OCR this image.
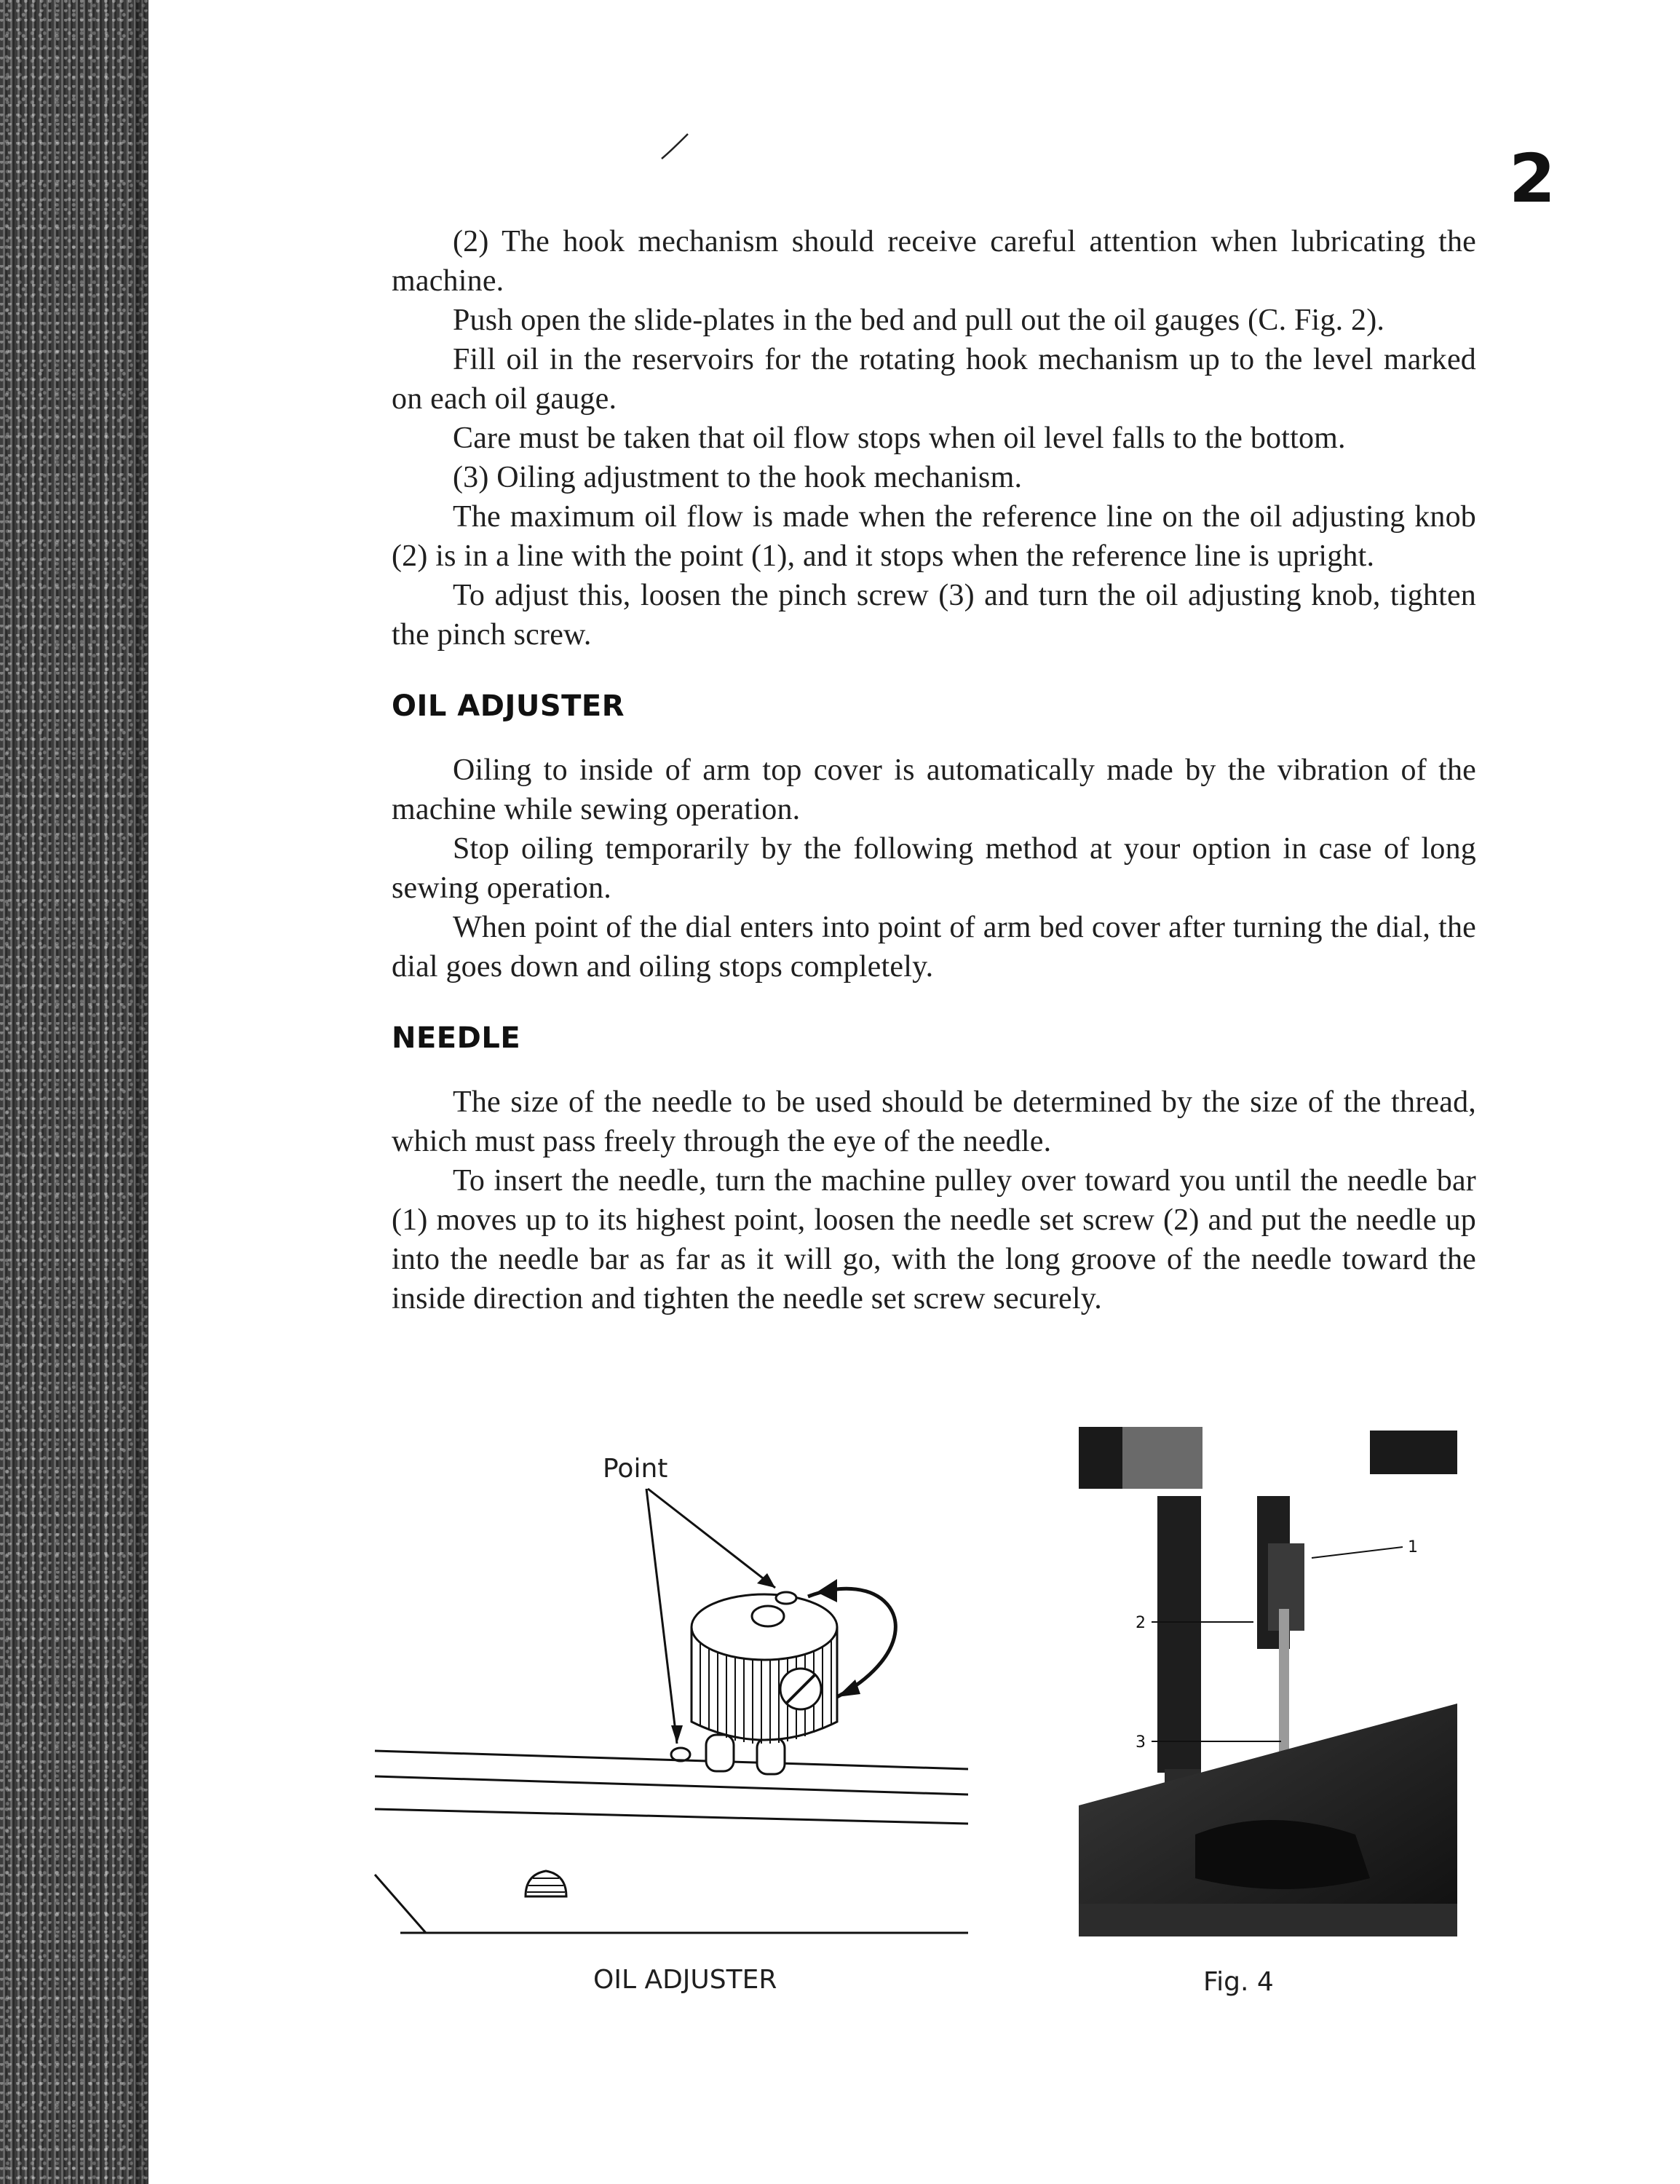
2

(2) The hook mechanism should receive careful attention when lubricating the machine.

Push open the slide-plates in the bed and pull out the oil gauges (C. Fig. 2).

Fill oil in the reservoirs for the rotating hook mechanism up to the level marked on each oil gauge.

Care must be taken that oil flow stops when oil level falls to the bottom.

(3) Oiling adjustment to the hook mechanism.

The maximum oil flow is made when the reference line on the oil adjusting knob (2) is in a line with the point (1), and it stops when the reference line is upright.

To adjust this, loosen the pinch screw (3) and turn the oil adjusting knob, tighten the pinch screw.

OIL ADJUSTER

Oiling to inside of arm top cover is automatically made by the vibration of the machine while sewing operation.

Stop oiling temporarily by the following method at your option in case of long sewing operation.

When point of the dial enters into point of arm bed cover after turning the dial, the dial goes down and oiling stops completely.

NEEDLE

The size of the needle to be used should be determined by the size of the thread, which must pass freely through the eye of the needle.

To insert the needle, turn the machine pulley over toward you until the needle bar (1) moves up to its highest point, loosen the needle set screw (2) and put the needle up into the needle bar as far as it will go, with the long groove of the needle toward the inside direction and tighten the needle set screw securely.

Point
1
2
3
OIL ADJUSTER	Fig. 4
